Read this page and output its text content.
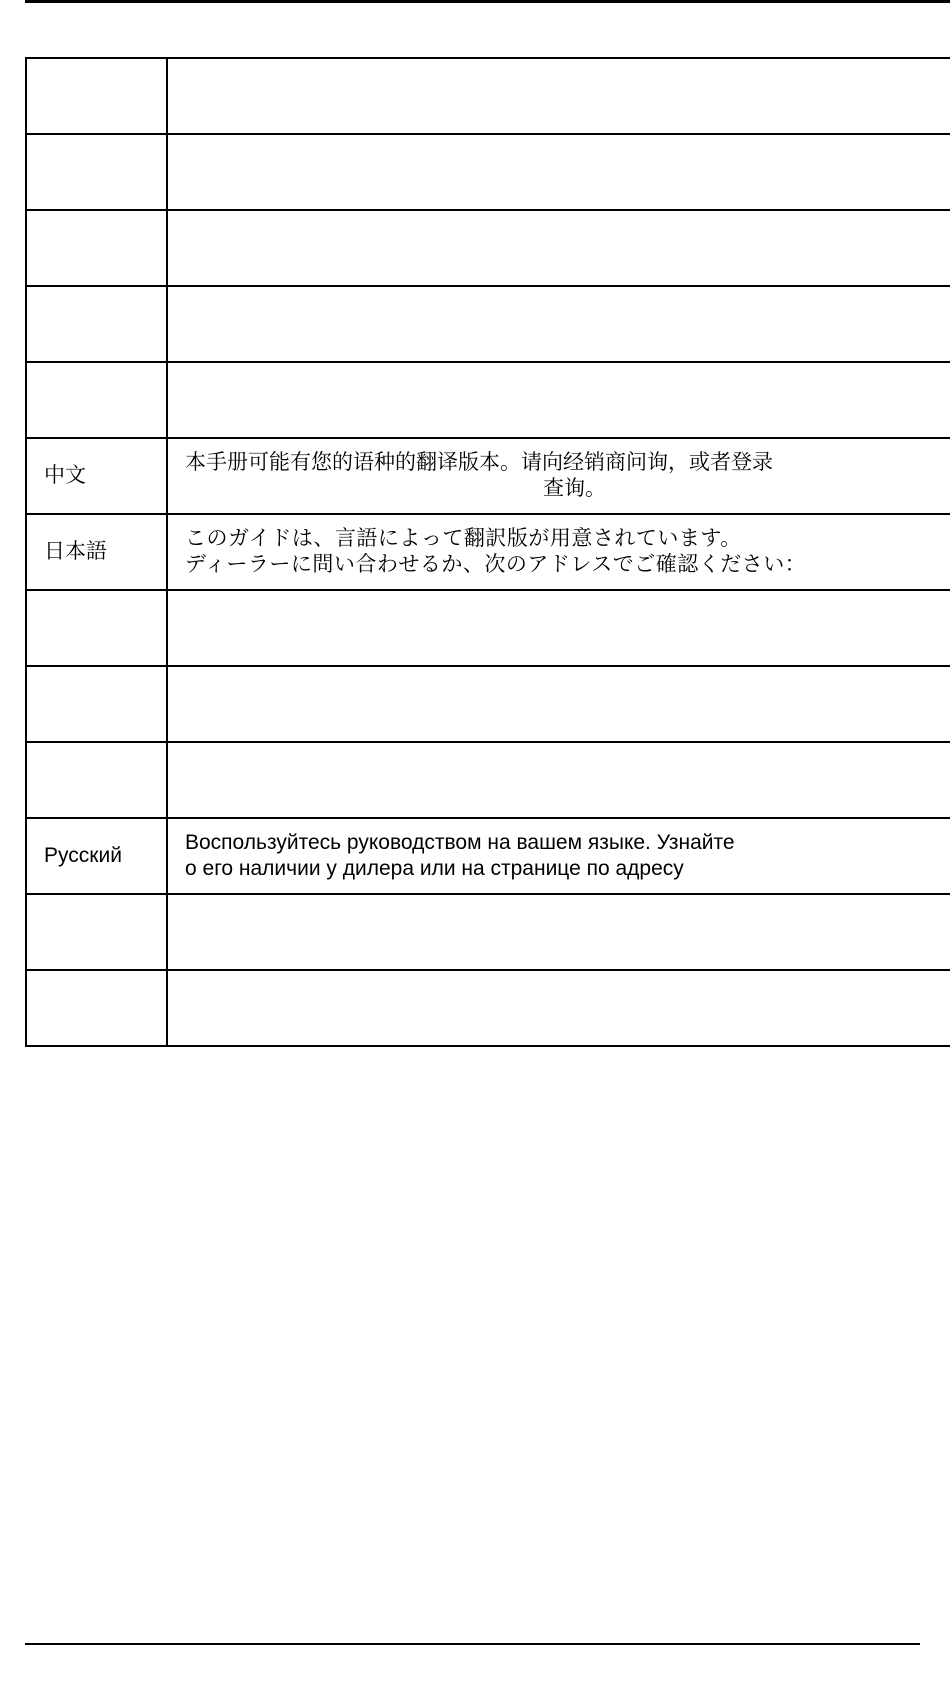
中文	本手册可能有您的语种的翻译版本。请向经销商问询，或者登录
查询。

日本語	このガイドは、言語によって翻訳版が用意されています。
ディーラーに問い合わせるか、次のアドレスでご確認ください：

Русский	Воспользуйтесь руководством на вашем языке. Узнайте
о его наличии у дилера или на странице по адресу
